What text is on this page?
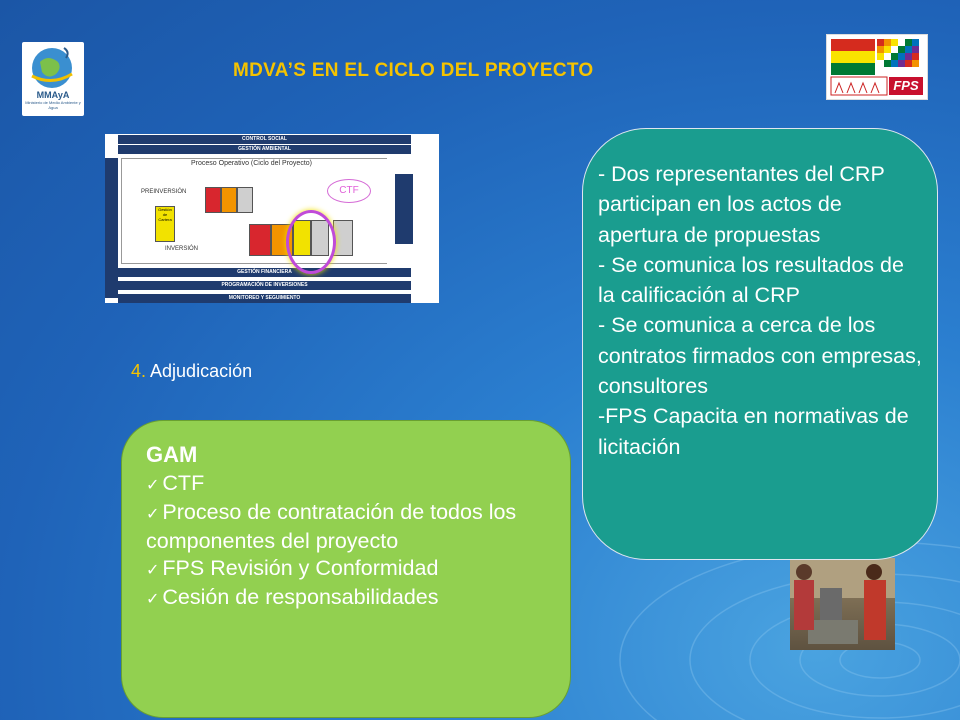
MMAyA
Ministerio de Medio Ambiente y Agua
MDVA’S EN EL CICLO DEL PROYECTO
FPS
CONTROL SOCIAL
GESTIÓN AMBIENTAL
Proceso Operativo (Ciclo del Proyecto)
PREINVERSIÓN
INVERSIÓN
Gestión de Cartera
GESTIÓN FINANCIERA
PROGRAMACIÓN DE INVERSIONES
MONITOREO Y SEGUIMIENTO
CTF
4. Adjudicación
GAM
✓ CTF
✓ Proceso de contratación de todos los componentes del proyecto
✓ FPS Revisión y Conformidad
✓ Cesión de responsabilidades

- Dos representantes del CRP participan en los actos de apertura de propuestas

- Se comunica los resultados de la calificación al CRP

- Se comunica a cerca de los contratos firmados con empresas, consultores

-FPS Capacita en normativas de licitación
